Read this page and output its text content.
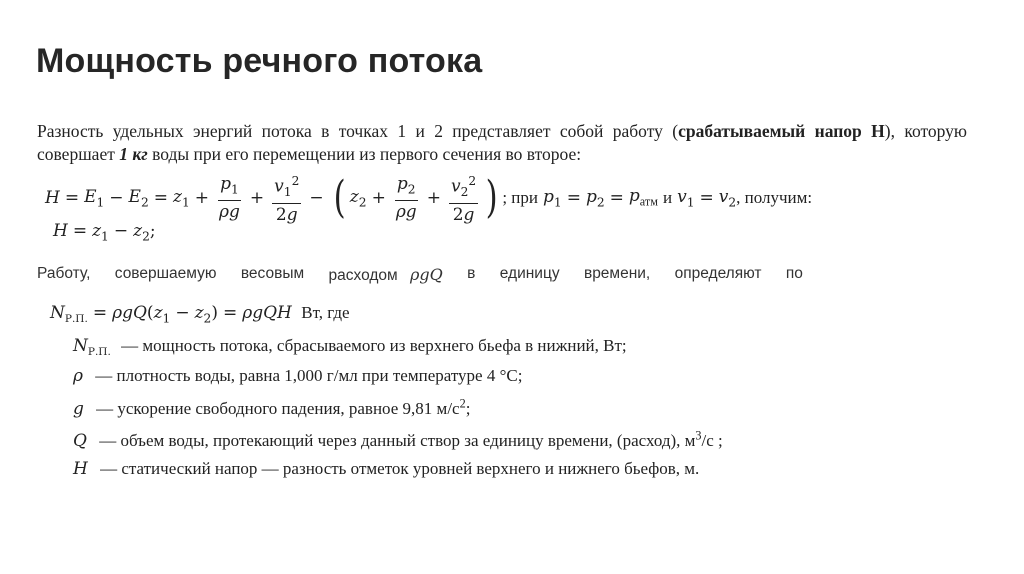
Мощность речного потока
Разность удельных энергий потока в точках 1 и 2 представляет собой работу (срабатываемый напор Н), которую совершает 1 кг воды при его перемещении из первого сечения во второе:
$H = E_1 - E_2 = z_1 + \frac{p_1}{\rho g} + \frac{v_1^2}{2g}$ − ( $z_2 + \frac{p_2}{\rho g} + \frac{v_2^2}{2g}$ ) ; при $p_1 = p_2 = p_{атм}$ и $v_1 = v_2$ , получим:
$H = z_1 - z_2$;
Работу, совершаемую весовым расходом ρgQ в единицу времени, определяют по
$N_{Р.П.} = \rho gQ(z_1 - z_2) = \rho gQH$ Вт, где
$N_{Р.П.}$ — мощность потока, сбрасываемого из верхнего бьефа в нижний, Вт;
ρ — плотность воды, равна 1,000 г/мл при температуре 4 °С;
g — ускорение свободного падения, равное 9,81 $м/с^2$;
Q — объем воды, протекающий через данный створ за единицу времени, (расход), $м^3/с$ ;
H — статический напор — разность отметок уровней верхнего и нижнего бьефов, м.
